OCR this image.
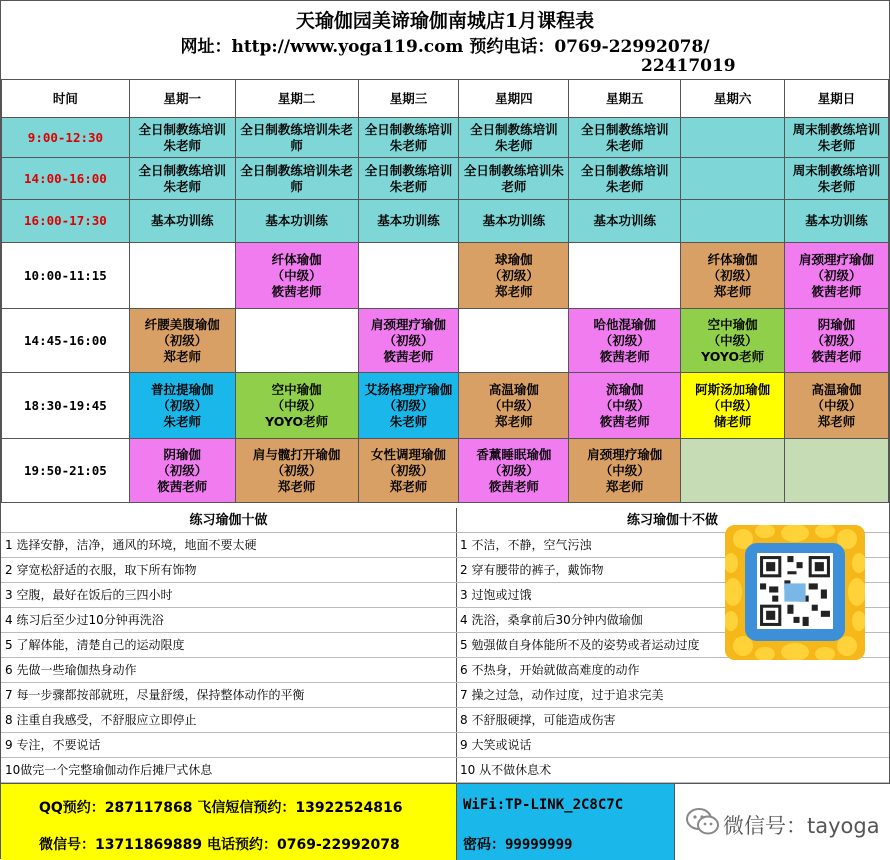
天瑜伽园美谛瑜伽南城店1月课程表
网址：http://www.yoga119.com 预约电话：0769-22992078/
22417019
时间	星期一	星期二	星期三	星期四	星期五	星期六	星期日
9:00-12:30	全日制教练培训
朱老师	全日制教练培训朱老
师	全日制教练培训
朱老师	全日制教练培训
朱老师	全日制教练培训
朱老师		周末制教练培训
朱老师
14:00-16:00	全日制教练培训
朱老师	全日制教练培训朱老
师	全日制教练培训
朱老师	全日制教练培训朱
老师	全日制教练培训
朱老师		周末制教练培训
朱老师
16:00-17:30	基本功训练	基本功训练	基本功训练	基本功训练	基本功训练		基本功训练
10:00-11:15		纤体瑜伽
（中级）
筱茜老师		球瑜伽
（初级）
郑老师		纤体瑜伽
（初级）
郑老师	肩颈理疗瑜伽
（初级）
筱茜老师
14:45-16:00	纤腰美腹瑜伽
（初级）
郑老师		肩颈理疗瑜伽
（初级）
筱茜老师		哈他混瑜伽
（初级）
筱茜老师	空中瑜伽
（中级）
YOYO老师	阴瑜伽
（初级）
筱茜老师
18:30-19:45	普拉提瑜伽
（初级）
朱老师	空中瑜伽
（中级）
YOYO老师	艾扬格理疗瑜伽
（初级）
朱老师	高温瑜伽
（中级）
郑老师	流瑜伽
（中级）
筱茜老师	阿斯汤加瑜伽
（中级）
储老师	高温瑜伽
（中级）
郑老师
19:50-21:05	阴瑜伽
（初级）
筱茜老师	肩与髋打开瑜伽
（初级）
郑老师	女性调理瑜伽
（初级）
郑老师	香薰睡眠瑜伽
（初级）
筱茜老师	肩颈理疗瑜伽
（中级）
郑老师		
练习瑜伽十做
1 选择安静，洁净，通风的环境，地面不要太硬
2 穿宽松舒适的衣服，取下所有饰物
3 空腹，最好在饭后的三四小时
4 练习后至少过10分钟再洗浴
5 了解体能，清楚自己的运动限度
6 先做一些瑜伽热身动作
7 每一步骤都按部就班，尽量舒缓，保持整体动作的平衡
8 注重自我感受，不舒服应立即停止
9 专注，不要说话
10做完一个完整瑜伽动作后摊尸式休息
练习瑜伽十不做
1 不洁，不静，空气污浊
2 穿有腰带的裤子，戴饰物
3 过饱或过饿
4 洗浴，桑拿前后30分钟内做瑜伽
5 勉强做自身体能所不及的姿势或者运动过度
6 不热身，开始就做高难度的动作
7 操之过急，动作过度，过于追求完美
8 不舒服硬撑，可能造成伤害
9 大笑或说话
10 从不做休息术
QQ预约：287117868 飞信短信预约：13922524816
微信号：13711869889 电话预约：0769-22992078
WiFi:TP-LINK_2C8C7C
密码：99999999
微信号：tayoga
